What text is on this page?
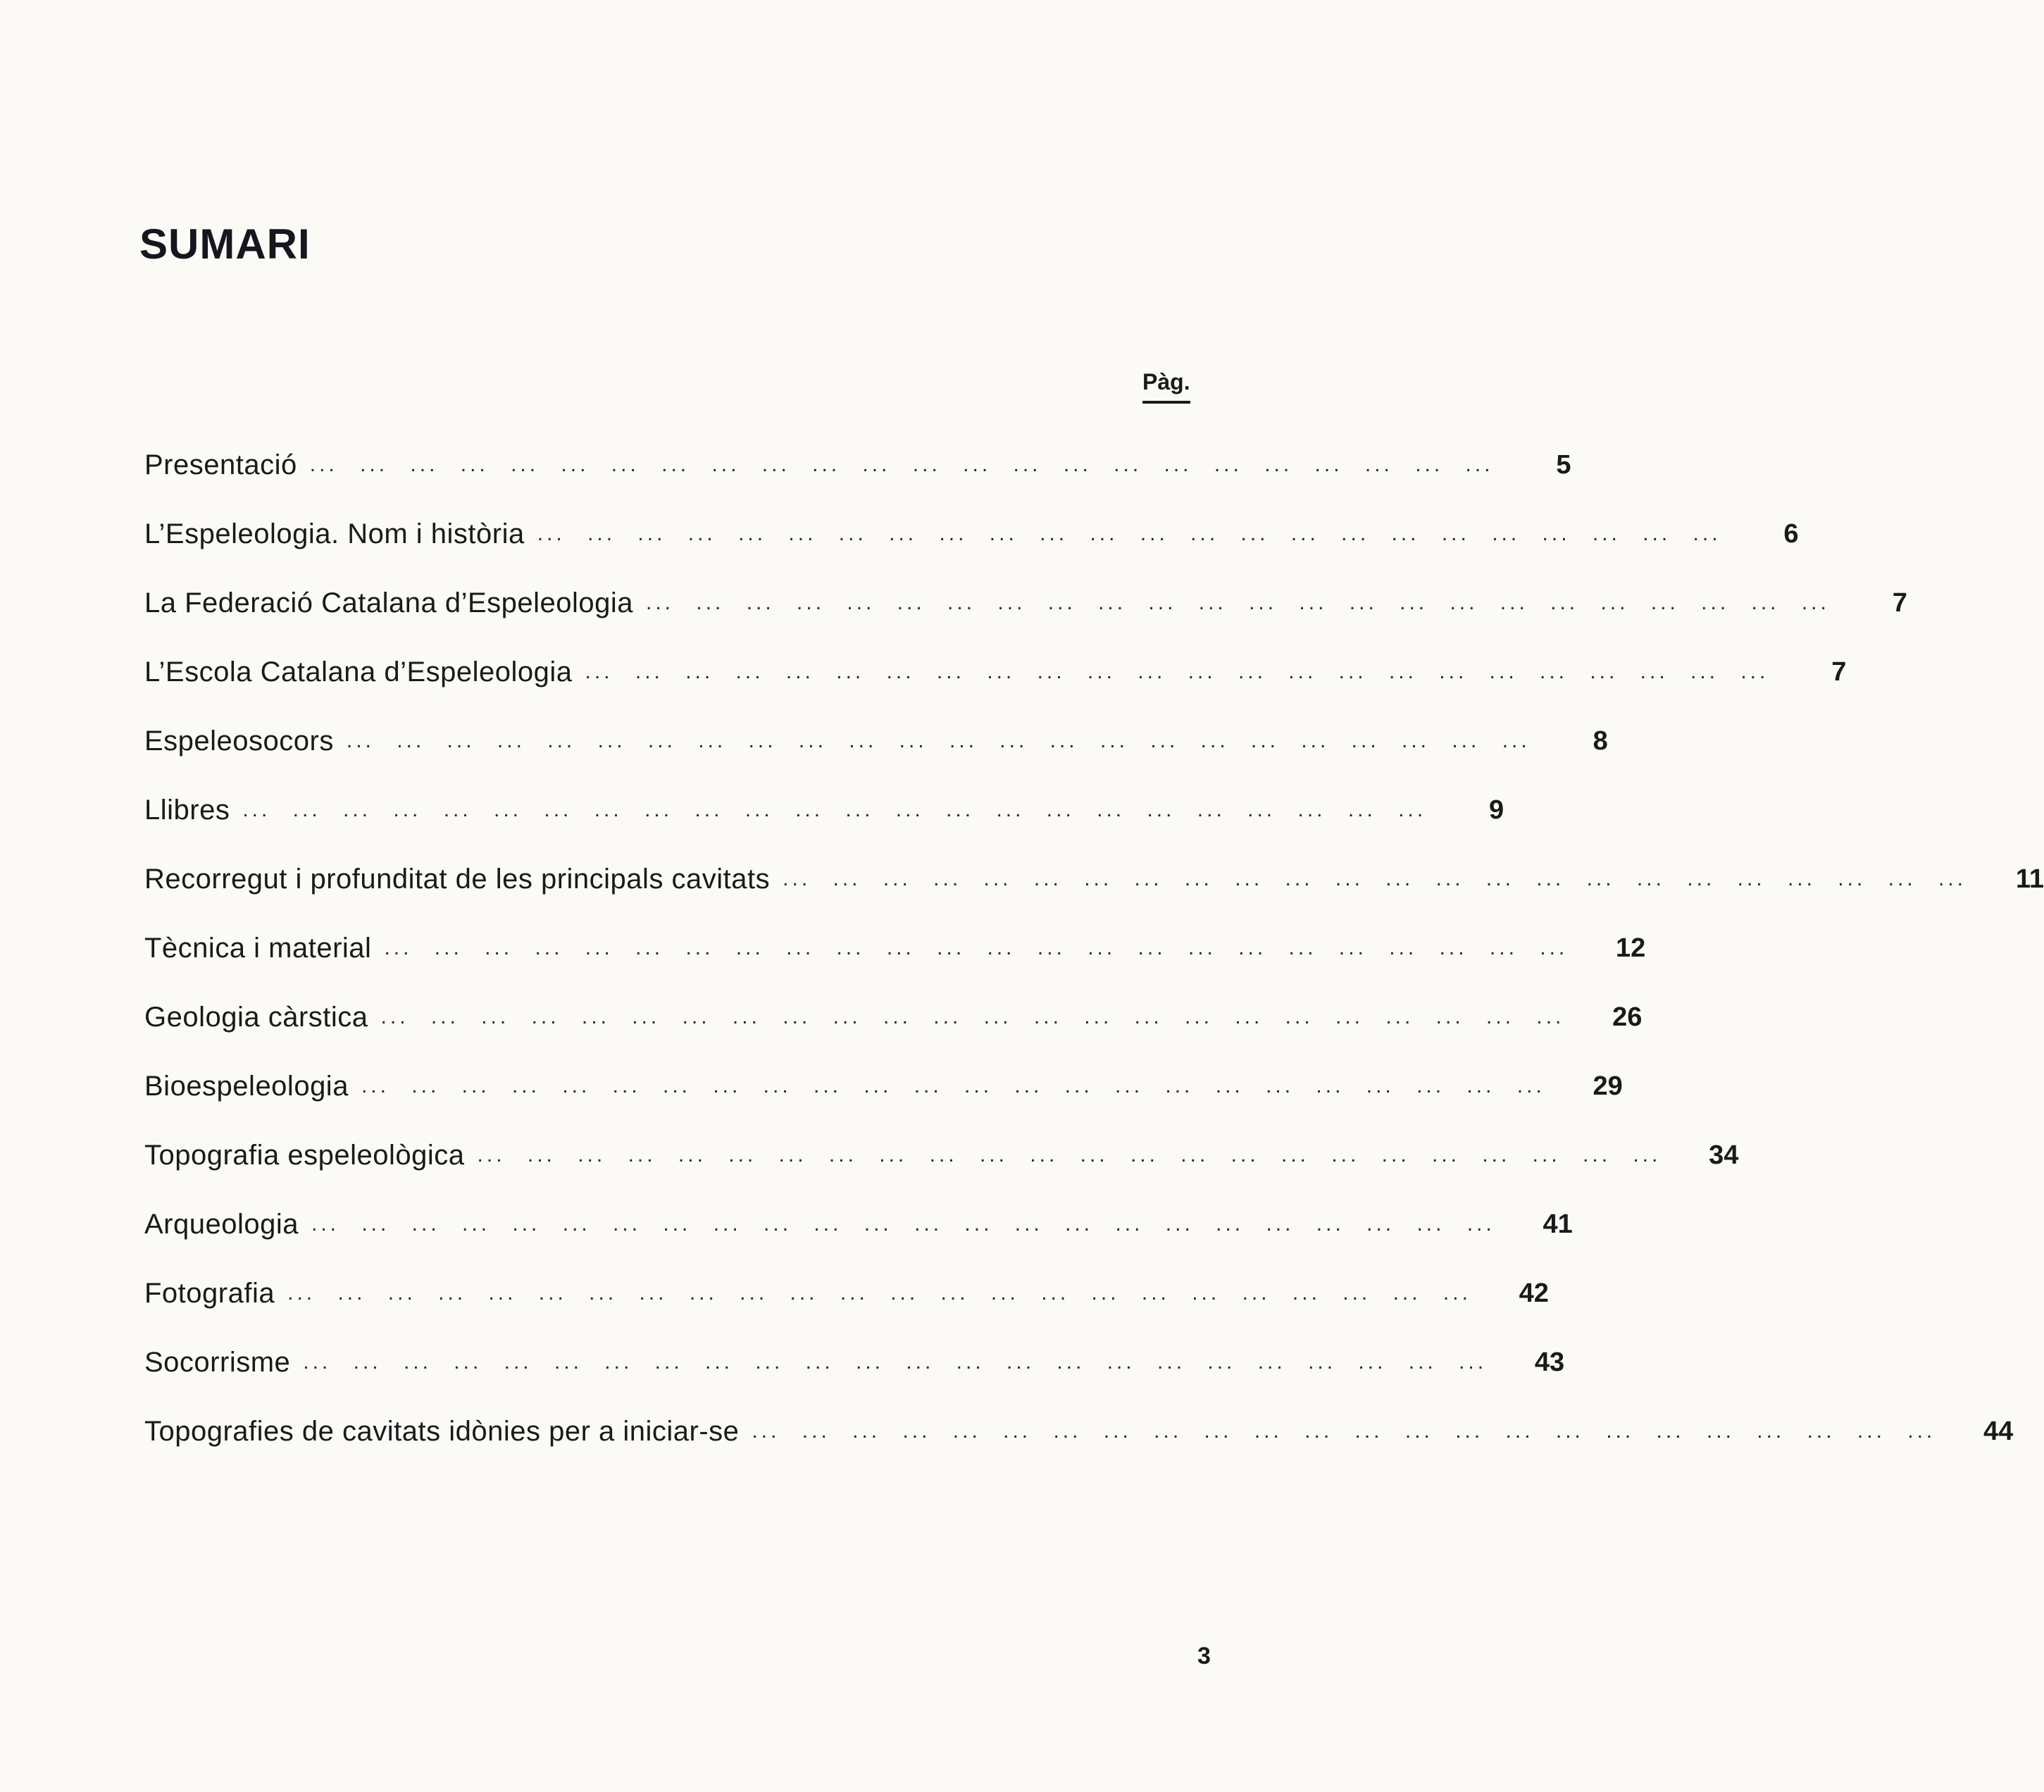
SUMARI
Pàg.
Presentació ... ... ... ... ... ... ... ... ... ... ... ... ... ... ... ... ... ... ... ... ... ... ... ...	5
L’Espeleologia. Nom i història ... ... ... ... ... ... ... ... ... ... ... ... ... ... ... ... ... ... ... ... ... ... ... ...	6
La Federació Catalana d’Espeleologia ... ... ... ... ... ... ... ... ... ... ... ... ... ... ... ... ... ... ... ... ... ... ... ...	7
L’Escola Catalana d’Espeleologia ... ... ... ... ... ... ... ... ... ... ... ... ... ... ... ... ... ... ... ... ... ... ... ...	7
Espeleosocors ... ... ... ... ... ... ... ... ... ... ... ... ... ... ... ... ... ... ... ... ... ... ... ...	8
Llibres ... ... ... ... ... ... ... ... ... ... ... ... ... ... ... ... ... ... ... ... ... ... ... ...	9
Recorregut i profunditat de les principals cavitats ... ... ... ... ... ... ... ... ... ... ... ... ... ... ... ... ... ... ... ... ... ... ... ...	11
Tècnica i material ... ... ... ... ... ... ... ... ... ... ... ... ... ... ... ... ... ... ... ... ... ... ... ...	12
Geologia càrstica ... ... ... ... ... ... ... ... ... ... ... ... ... ... ... ... ... ... ... ... ... ... ... ...	26
Bioespeleologia ... ... ... ... ... ... ... ... ... ... ... ... ... ... ... ... ... ... ... ... ... ... ... ...	29
Topografia espeleològica ... ... ... ... ... ... ... ... ... ... ... ... ... ... ... ... ... ... ... ... ... ... ... ...	34
Arqueologia ... ... ... ... ... ... ... ... ... ... ... ... ... ... ... ... ... ... ... ... ... ... ... ...	41
Fotografia ... ... ... ... ... ... ... ... ... ... ... ... ... ... ... ... ... ... ... ... ... ... ... ...	42
Socorrisme ... ... ... ... ... ... ... ... ... ... ... ... ... ... ... ... ... ... ... ... ... ... ... ...	43
Topografies de cavitats idònies per a iniciar-se ... ... ... ... ... ... ... ... ... ... ... ... ... ... ... ... ... ... ... ... ... ... ... ...	44
3
